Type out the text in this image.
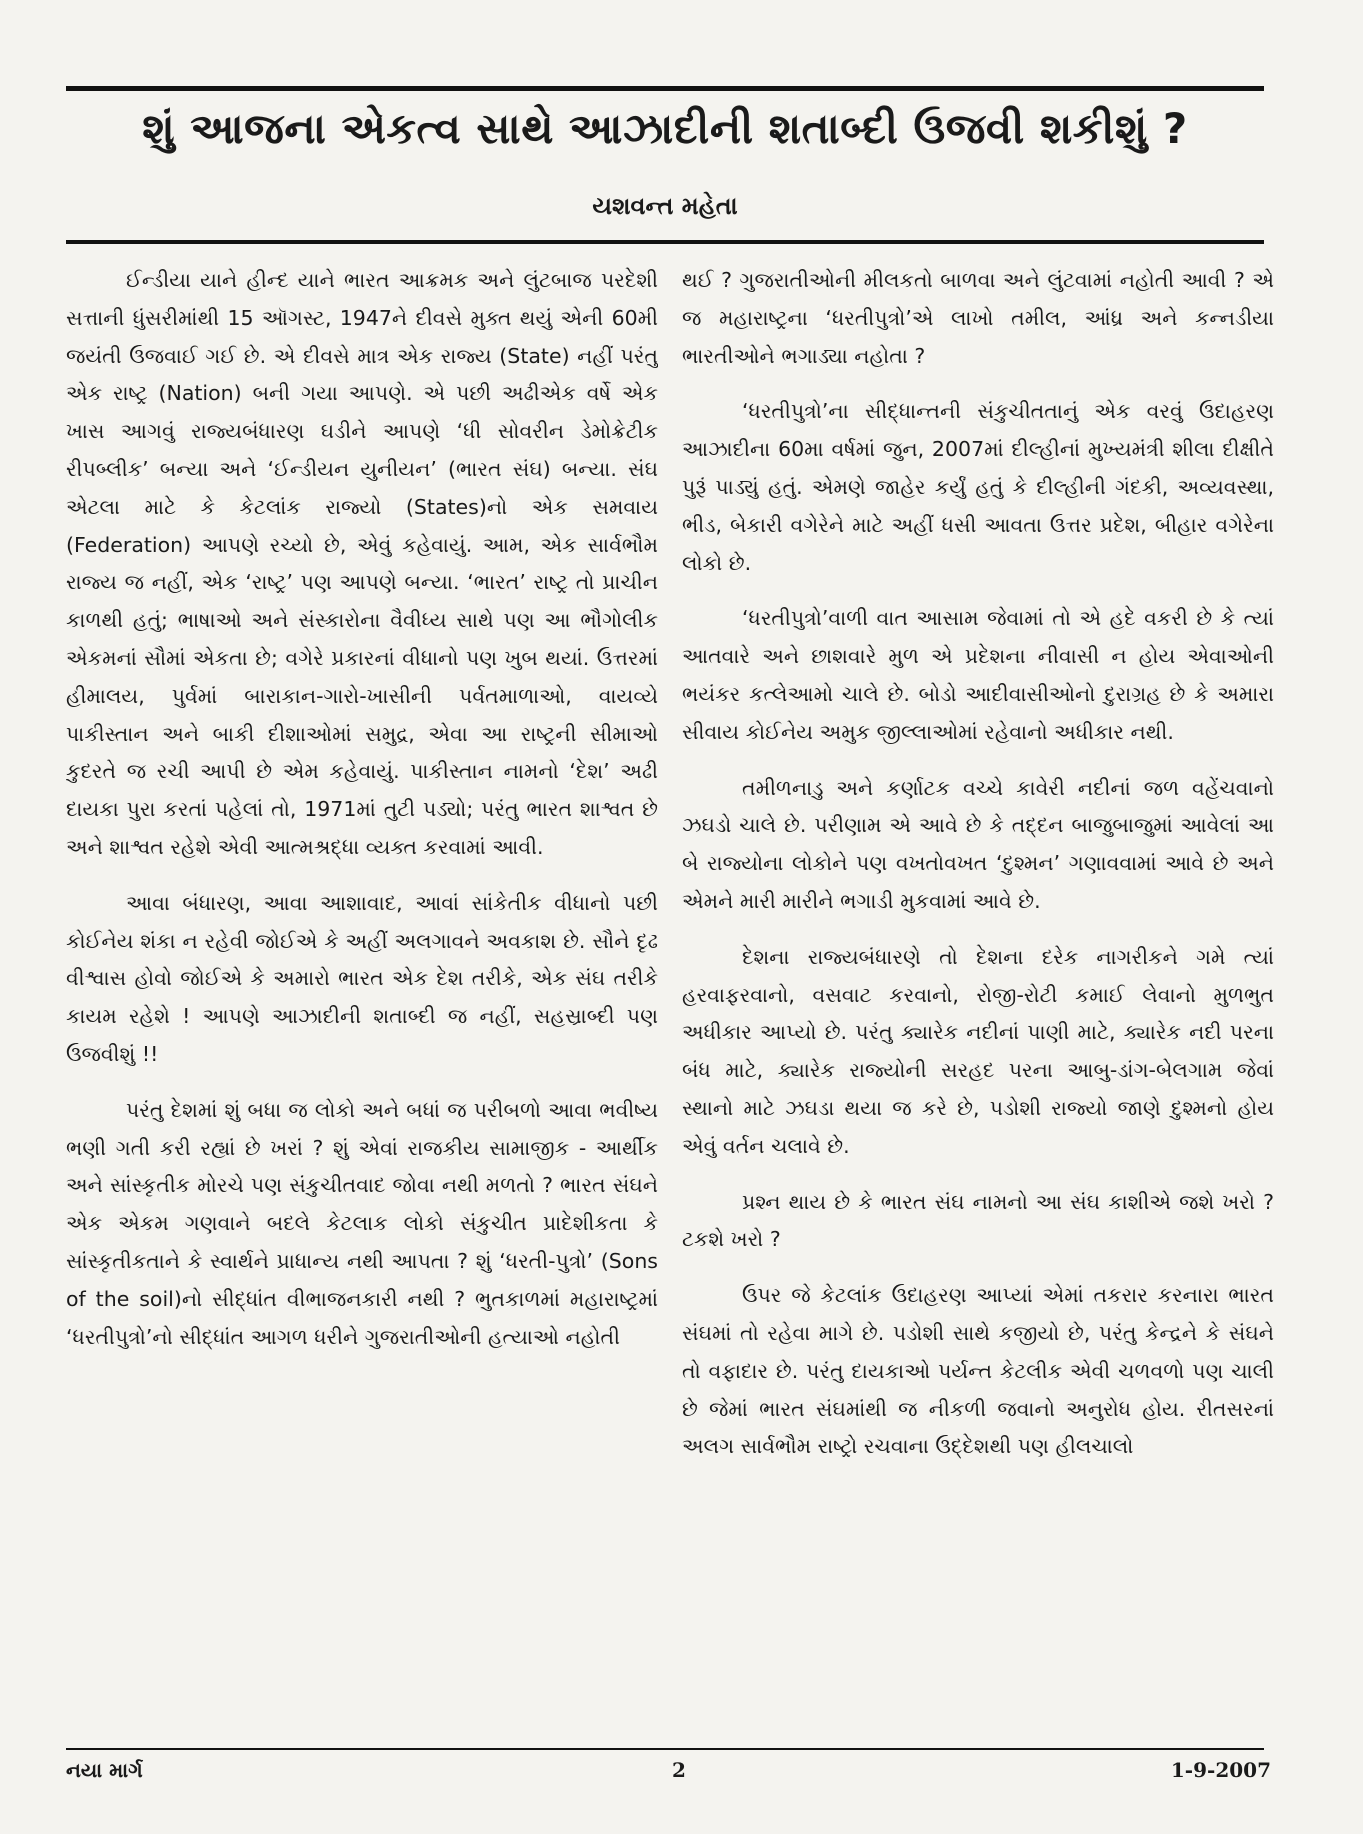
શું આજના એકત્વ સાથે આઝાદીની શતાબ્દી ઉજવી શકીશું ?
યશવન્ત મહેતા

ઈન્ડીયા યાને હીન્દ યાને ભારત આક્રમક અને લુંટબાજ પરદેશી સત્તાની ધુંસરીમાંથી 15 ઑગસ્ટ, 1947ને દીવસે મુક્ત થયું એની 60મી જયંતી ઉજવાઈ ગઈ છે. એ દીવસે માત્ર એક રાજ્ય (State) નહીં પરંતુ એક રાષ્ટ્ર (Nation) બની ગયા આપણે. એ પછી અઢીએક વર્ષે એક ખાસ આગવું રાજ્યબંધારણ ઘડીને આપણે ‘ધી સોવરીન ડેમોક્રેટીક રીપબ્લીક’ બન્યા અને ‘ઈન્ડીયન યુનીયન’ (ભારત સંઘ) બન્યા. સંઘ એટલા માટે કે કેટલાંક રાજ્યો (States)નો એક સમવાય (Federation) આપણે રચ્યો છે, એવું કહેવાયું. આમ, એક સાર્વભૌમ રાજ્ય જ નહીં, એક ‘રાષ્ટ્ર’ પણ આપણે બન્યા. ‘ભારત’ રાષ્ટ્ર તો પ્રાચીન કાળથી હતું; ભાષાઓ અને સંસ્કારોના વૈવીધ્ય સાથે પણ આ ભૌગોલીક એકમનાં સૌમાં એકતા છે; વગેરે પ્રકારનાં વીધાનો પણ ખુબ થયાં. ઉત્તરમાં હીમાલય, પુર્વમાં બારાકાન-ગારો-ખાસીની પર્વતમાળાઓ, વાયવ્યે પાકીસ્તાન અને બાકી દીશાઓમાં સમુદ્ર, એવા આ રાષ્ટ્રની સીમાઓ કુદરતે જ રચી આપી છે એમ કહેવાયું. પાકીસ્તાન નામનો ‘દેશ’ અઢી દાયકા પુરા કરતાં પહેલાં તો, 1971માં તુટી પડ્યો; પરંતુ ભારત શાશ્વત છે અને શાશ્વત રહેશે એવી આત્મશ્રદ્ધા વ્યક્ત કરવામાં આવી.

આવા બંધારણ, આવા આશાવાદ, આવાં સાંકેતીક વીધાનો પછી કોઈનેય શંકા ન રહેવી જોઈએ કે અહીં અલગાવને અવકાશ છે. સૌને દૃઢ વીશ્વાસ હોવો જોઈએ કે અમારો ભારત એક દેશ તરીકે, એક સંઘ તરીકે કાયમ રહેશે ! આપણે આઝાદીની શતાબ્દી જ નહીં, સહસ્રાબ્દી પણ ઉજવીશું !!

પરંતુ દેશમાં શું બધા જ લોકો અને બધાં જ પરીબળો આવા ભવીષ્ય ભણી ગતી કરી રહ્યાં છે ખરાં ? શું એવાં રાજકીય સામાજીક - આર્થીક અને સાંસ્કૃતીક મોરચે પણ સંકુચીતવાદ જોવા નથી મળતો ? ભારત સંઘને એક એકમ ગણવાને બદલે કેટલાક લોકો સંકુચીત પ્રાદેશીકતા કે સાંસ્કૃતીકતાને કે સ્વાર્થને પ્રાધાન્ય નથી આપતા ? શું ‘ધરતી-પુત્રો’ (Sons of the soil)નો સીદ્ધાંત વીભાજનકારી નથી ? ભુતકાળમાં મહારાષ્ટ્રમાં ‘ધરતીપુત્રો’નો સીદ્ધાંત આગળ ધરીને ગુજરાતીઓની હત્યાઓ નહોતી

થઈ ? ગુજરાતીઓની મીલકતો બાળવા અને લુંટવામાં નહોતી આવી ? એ જ મહારાષ્ટ્રના ‘ધરતીપુત્રો’એ લાખો તમીલ, આંધ્ર અને કન્નડીયા ભારતીઓને ભગાડ્યા નહોતા ?

‘ધરતીપુત્રો’ના સીદ્ધાન્તની સંકુચીતતાનું એક વરવું ઉદાહરણ આઝાદીના 60મા વર્ષમાં જુન, 2007માં દીલ્હીનાં મુખ્યમંત્રી શીલા દીક્ષીતે પુરૂં પાડ્યું હતું. એમણે જાહેર કર્યું હતું કે દીલ્હીની ગંદકી, અવ્યવસ્થા, ભીડ, બેકારી વગેરેને માટે અહીં ધસી આવતા ઉત્તર પ્રદેશ, બીહાર વગેરેના લોકો છે.

‘ધરતીપુત્રો’વાળી વાત આસામ જેવામાં તો એ હદે વકરી છે કે ત્યાં આતવારે અને છાશવારે મુળ એ પ્રદેશના નીવાસી ન હોય એવાઓની ભયંકર કત્લેઆમો ચાલે છે. બોડો આદીવાસીઓનો દુરાગ્રહ છે કે અમારા સીવાય કોઈનેય અમુક જીલ્લાઓમાં રહેવાનો અધીકાર નથી.

તમીળનાડુ અને કર્ણાટક વચ્ચે કાવેરી નદીનાં જળ વહેંચવાનો ઝઘડો ચાલે છે. પરીણામ એ આવે છે કે તદ્દન બાજુબાજુમાં આવેલાં આ બે રાજ્યોના લોકોને પણ વખતોવખત ‘દુશ્મન’ ગણાવવામાં આવે છે અને એમને મારી મારીને ભગાડી મુકવામાં આવે છે.

દેશના રાજ્યબંધારણે તો દેશના દરેક નાગરીકને ગમે ત્યાં હરવાફરવાનો, વસવાટ કરવાનો, રોજી-રોટી કમાઈ લેવાનો મુળભુત અધીકાર આપ્યો છે. પરંતુ ક્યારેક નદીનાં પાણી માટે, ક્યારેક નદી પરના બંધ માટે, ક્યારેક રાજ્યોની સરહદ પરના આબુ-ડાંગ-બેલગામ જેવાં સ્થાનો માટે ઝઘડા થયા જ કરે છે, પડોશી રાજ્યો જાણે દુશ્મનો હોય એવું વર્તન ચલાવે છે.

પ્રશ્ન થાય છે કે ભારત સંઘ નામનો આ સંઘ કાશીએ જશે ખરો ? ટકશે ખરો ?

ઉપર જે કેટલાંક ઉદાહરણ આપ્યાં એમાં તકરાર કરનારા ભારત સંઘમાં તો રહેવા માગે છે. પડોશી સાથે કજીયો છે, પરંતુ કેન્દ્રને કે સંઘને તો વફાદાર છે. પરંતુ દાયકાઓ પર્યન્ત કેટલીક એવી ચળવળો પણ ચાલી છે જેમાં ભારત સંઘમાંથી જ નીકળી જવાનો અનુરોધ હોય. રીતસરનાં અલગ સાર્વભૌમ રાષ્ટ્રો રચવાના ઉદ્દેશથી પણ હીલચાલો

નયા માર્ગ	2	1-9-2007
